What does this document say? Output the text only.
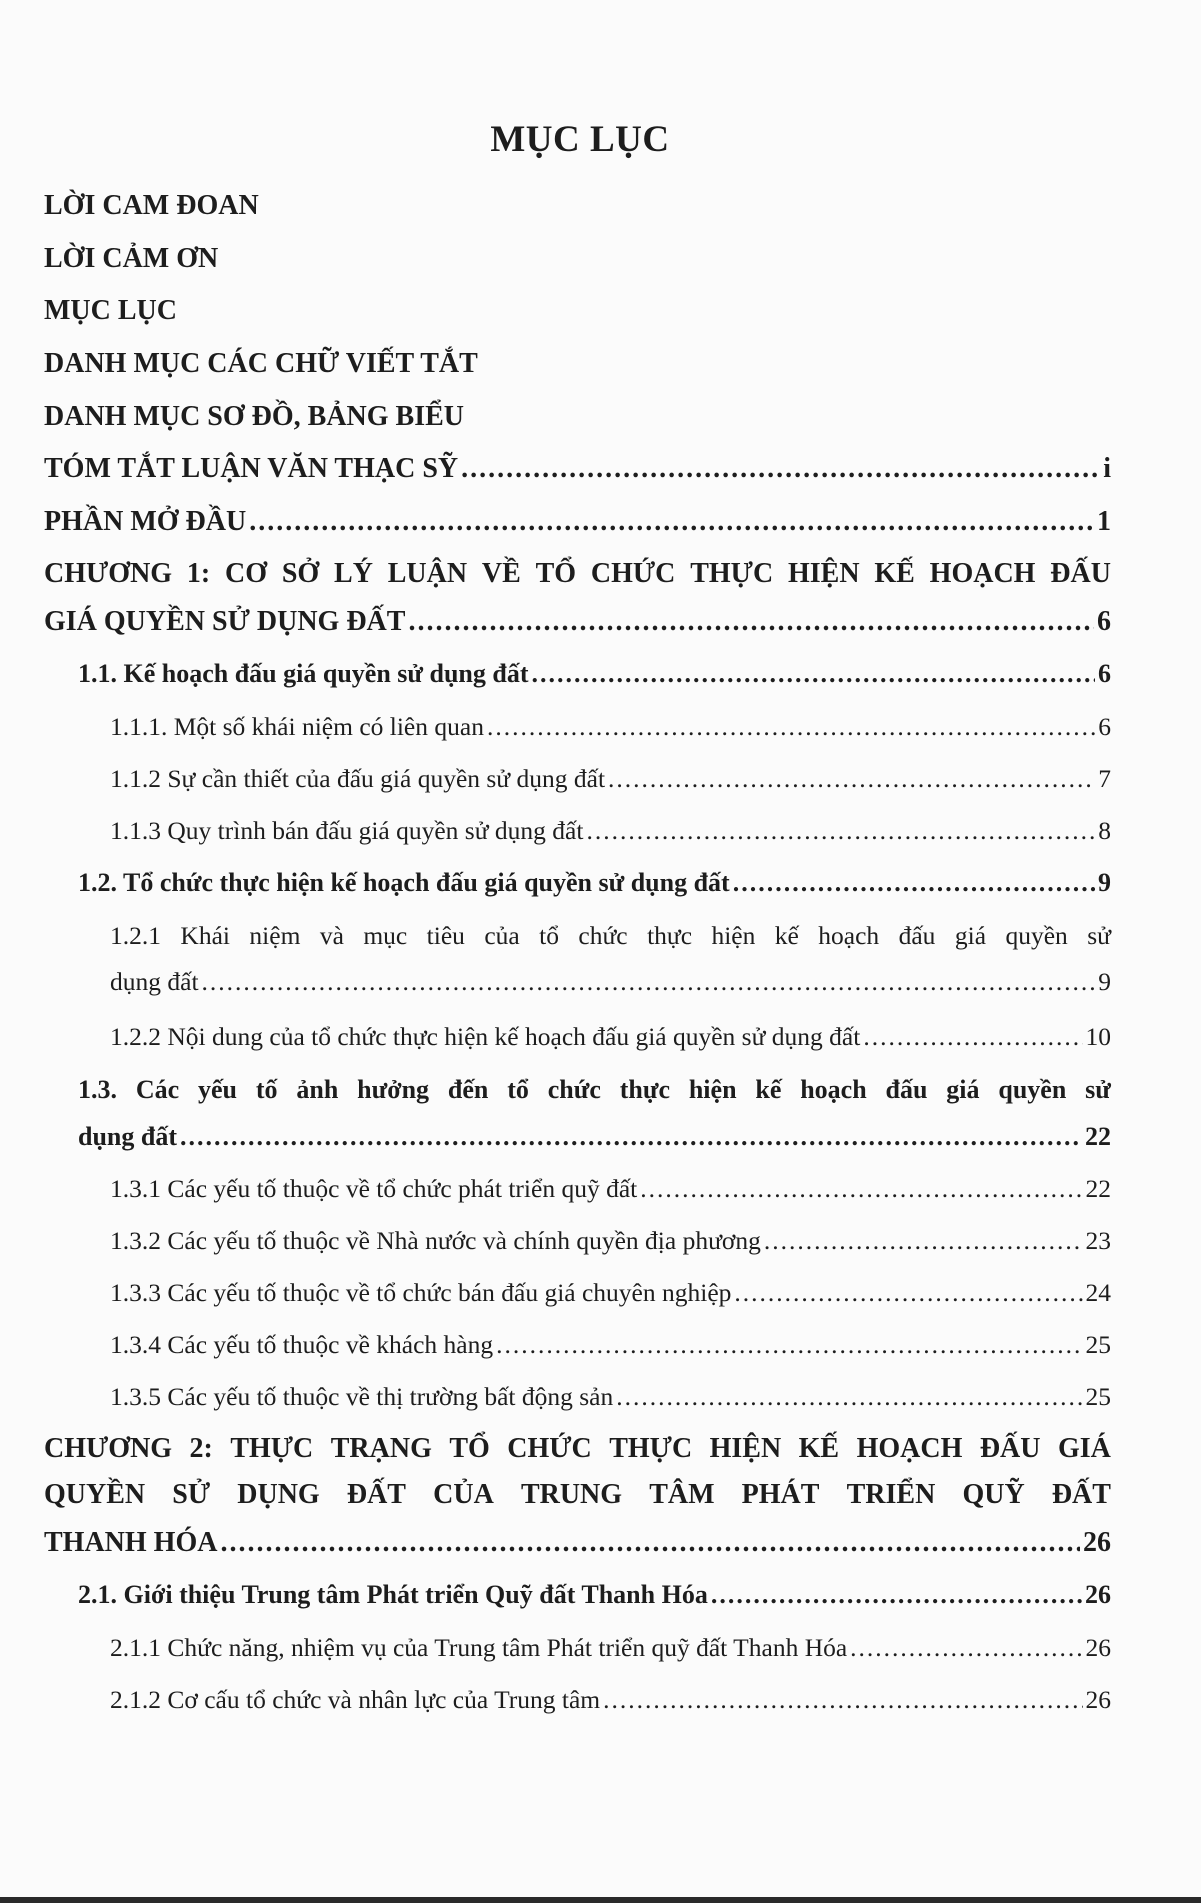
MỤC LỤC
LỜI CAM ĐOAN
LỜI CẢM ƠN
MỤC LỤC
DANH MỤC CÁC CHỮ VIẾT TẮT
DANH MỤC SƠ ĐỒ, BẢNG BIỂU
TÓM TẮT LUẬN VĂN THẠC SỸ .....	i
PHẦN MỞ ĐẦU .....	1
CHƯƠNG 1: CƠ SỞ LÝ LUẬN VỀ TỔ CHỨC THỰC HIỆN KẾ HOẠCH ĐẤU
GIÁ QUYỀN SỬ DỤNG ĐẤT .....	6
1.1. Kế hoạch đấu giá quyền sử dụng đất .....	6
1.1.1. Một số khái niệm có liên quan .....	6
1.1.2 Sự cần thiết của đấu giá quyền sử dụng đất .....	7
1.1.3 Quy trình bán đấu giá quyền sử dụng đất .....	8
1.2. Tổ chức thực hiện kế hoạch đấu giá quyền sử dụng đất .....	9
1.2.1 Khái niệm và mục tiêu của tổ chức thực hiện kế hoạch đấu giá quyền sử
dụng đất .....	9
1.2.2 Nội dung của tổ chức thực hiện kế hoạch đấu giá quyền sử dụng đất .....	10
1.3. Các yếu tố ảnh hưởng đến tổ chức thực hiện kế hoạch đấu giá quyền sử
dụng đất .....	22
1.3.1 Các yếu tố thuộc về tổ chức phát triển quỹ đất .....	22
1.3.2 Các yếu tố thuộc về Nhà nước và chính quyền địa phương .....	23
1.3.3 Các yếu tố thuộc về tổ chức bán đấu giá chuyên nghiệp .....	24
1.3.4 Các yếu tố thuộc về khách hàng .....	25
1.3.5 Các yếu tố thuộc về thị trường bất động sản .....	25
CHƯƠNG 2: THỰC TRẠNG TỔ CHỨC THỰC HIỆN KẾ HOẠCH ĐẤU GIÁ
QUYỀN SỬ DỤNG ĐẤT CỦA TRUNG TÂM PHÁT TRIỂN QUỸ ĐẤT
THANH HÓA .....	26
2.1. Giới thiệu Trung tâm Phát triển Quỹ đất Thanh Hóa .....	26
2.1.1 Chức năng, nhiệm vụ của Trung tâm Phát triển quỹ đất Thanh Hóa .....	26
2.1.2 Cơ cấu tổ chức và nhân lực của Trung tâm .....	26
